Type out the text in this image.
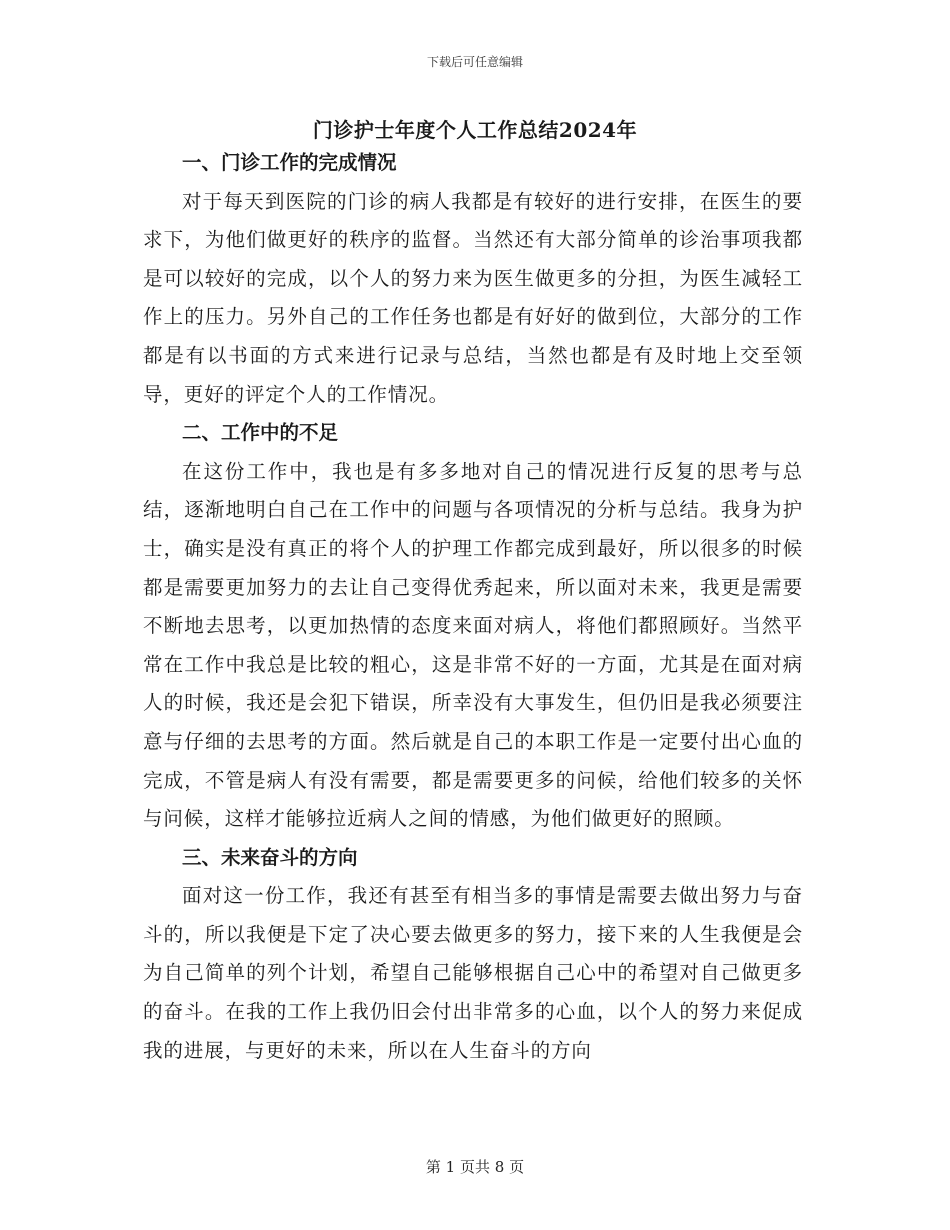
下载后可任意编辑
门诊护士年度个人工作总结2024年
一、门诊工作的完成情况

对于每天到医院的门诊的病人我都是有较好的进行安排，在医生的要求下，为他们做更好的秩序的监督。当然还有大部分简单的诊治事项我都是可以较好的完成，以个人的努力来为医生做更多的分担，为医生减轻工作上的压力。另外自己的工作任务也都是有好好的做到位，大部分的工作都是有以书面的方式来进行记录与总结，当然也都是有及时地上交至领导，更好的评定个人的工作情况。

二、工作中的不足

在这份工作中，我也是有多多地对自己的情况进行反复的思考与总结，逐渐地明白自己在工作中的问题与各项情况的分析与总结。我身为护士，确实是没有真正的将个人的护理工作都完成到最好，所以很多的时候都是需要更加努力的去让自己变得优秀起来，所以面对未来，我更是需要不断地去思考，以更加热情的态度来面对病人，将他们都照顾好。当然平常在工作中我总是比较的粗心，这是非常不好的一方面，尤其是在面对病人的时候，我还是会犯下错误，所幸没有大事发生，但仍旧是我必须要注意与仔细的去思考的方面。然后就是自己的本职工作是一定要付出心血的完成，不管是病人有没有需要，都是需要更多的问候，给他们较多的关怀与问候，这样才能够拉近病人之间的情感，为他们做更好的照顾。

三、未来奋斗的方向

面对这一份工作，我还有甚至有相当多的事情是需要去做出努力与奋斗的，所以我便是下定了决心要去做更多的努力，接下来的人生我便是会为自己简单的列个计划，希望自己能够根据自己心中的希望对自己做更多的奋斗。在我的工作上我仍旧会付出非常多的心血，以个人的努力来促成我的进展，与更好的未来，所以在人生奋斗的方向

第 1 页共 8 页
